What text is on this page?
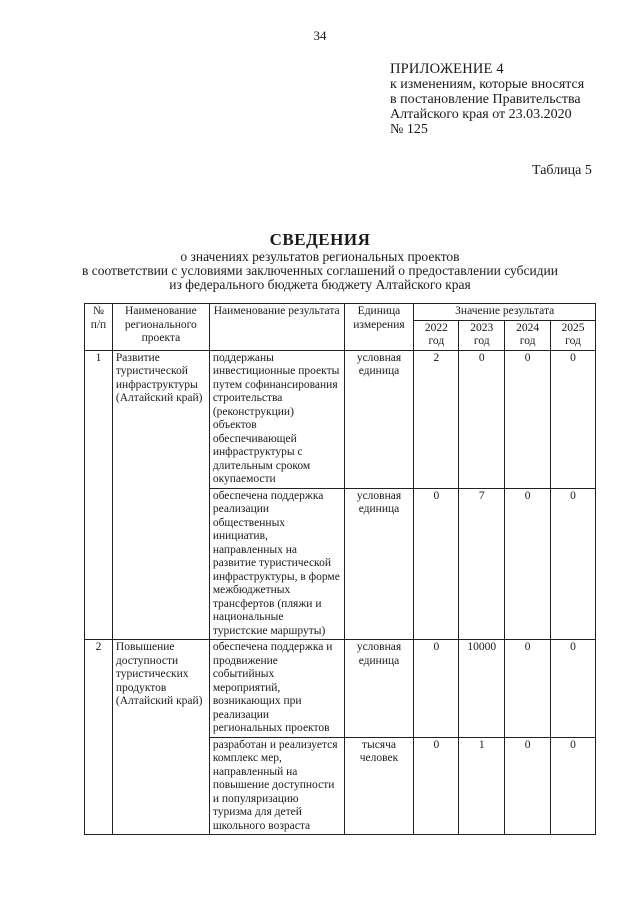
34
ПРИЛОЖЕНИЕ 4
к изменениям, которые вносятся
в постановление Правительства
Алтайского края от 23.03.2020
№ 125
Таблица 5
СВЕДЕНИЯ
о значениях результатов региональных проектов
в соответствии с условиями заключенных соглашений о предоставлении субсидии
из федерального бюджета бюджету Алтайского края
№ п/п	Наименование регионального проекта	Наименование результата	Единица измерения	Значение результата			
				2022 год	2023 год	2024 год	2025 год
1	Развитие туристической инфраструктуры (Алтайский край)	поддержаны инвестиционные проекты путем софинансирования строительства (реконструкции) объектов обеспечивающей инфраструктуры с длительным сроком окупаемости	условная единица	2	0	0	0
		обеспечена поддержка реализации общественных инициатив, направленных на развитие туристической инфраструктуры, в форме межбюджетных трансфертов (пляжи и национальные туристские маршруты)	условная единица	0	7	0	0
2	Повышение доступности туристических продуктов (Алтайский край)	обеспечена поддержка и продвижение событийных мероприятий, возникающих при реализации региональных проектов	условная единица	0	10000	0	0
		разработан и реализуется комплекс мер, направленный на повышение доступности и популяризацию туризма для детей школьного возраста	тысяча человек	0	1	0	0
